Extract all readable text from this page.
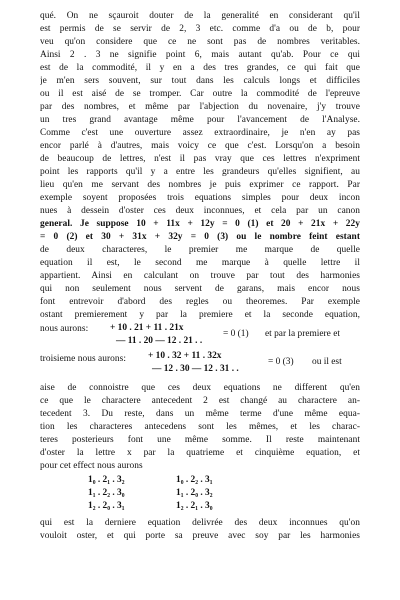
qué. On ne sçauroit douter de la generalité en considerant qu'il
est permis de se servir de 2, 3 etc. comme d'a ou de b, pour
veu qu'on considere que ce ne sont pas de nombres veritables.
Ainsi 2 . 3 ne signifie point 6, mais autant qu'ab. Pour ce qui
est de la commodité, il y en a des tres grandes, ce qui fait que
je m'en sers souvent, sur tout dans les calculs longs et difficiles
ou il est aisé de se tromper. Car outre la commodité de l'epreuve
par des nombres, et même par l'abjection du novenaire, j'y trouve
un tres grand avantage même pour l'avancement de l'Analyse.
Comme c'est une ouverture assez extraordinaire, je n'en ay pas
encor parlé à d'autres, mais voicy ce que c'est. Lorsqu'on a besoin
de beaucoup de lettres, n'est il pas vray que ces lettres n'expriment
point les rapports qu'il y a entre les grandeurs qu'elles signifient, au
lieu qu'en me servant des nombres je puis exprimer ce rapport. Par
exemple soyent proposées trois equations simples pour deux incon
nues à dessein d'oster ces deux inconnues, et cela par un canon
general. Je suppose 10 + 11x + 12y = 0 (1) et 20 + 21x + 22y
= 0 (2) et 30 + 31x + 32y = 0 (3) ou le nombre feint estant
de deux characteres, le premier me marque de quelle
equation il est, le second me marque à quelle lettre il
appartient. Ainsi en calculant on trouve par tout des harmonies
qui non seulement nous servent de garans, mais encor nous
font entrevoir d'abord des regles ou theoremes. Par exemple
ostant premierement y par la premiere et la seconde equation,
nous aurons: + 10 . 21 + 11 . 21x
— 11 . 20 — 12 . 21 . .
= 0 (1) et par la premiere et
troisieme nous aurons: + 10 . 32 + 11 . 32x
— 12 . 30 — 12 . 31 . .
= 0 (3) ou il est
aise de connoistre que ces deux equations ne different qu'en
ce que le charactere antecedent 2 est changé au charactere an-
tecedent 3. Du reste, dans un même terme d'une même equa-
tion les characteres antecedens sont les mêmes, et les charac-
teres posterieurs font une même somme. Il reste maintenant
d'oster la lettre x par la quatrieme et cinquième equation, et
pour cet effect nous aurons
1₀ . 2₁ . 3₂	1₀ . 2₂ . 3₁
1₁ . 2₂ . 3₀	1₁ . 2₀ . 3₂
1₂ . 2₀ . 3₁	1₂ . 2₁ . 3₀
qui est la derniere equation delivrée des deux inconnues qu'on
vouloit oster, et qui porte sa preuve avec soy par les harmonies
